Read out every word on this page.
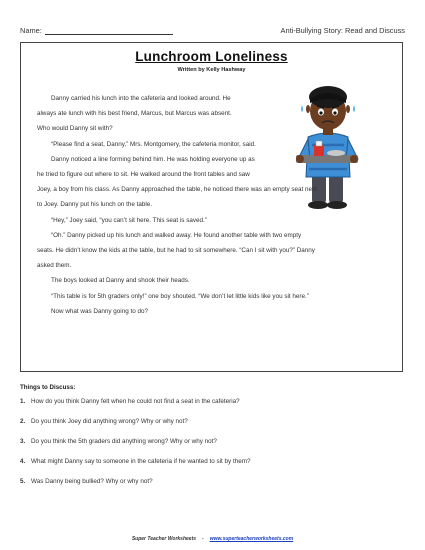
Name:	Anti-Bullying Story: Read and Discuss
Lunchroom Loneliness
Written by Kelly Hashway

Danny carried his lunch into the cafeteria and looked around. He

always ate lunch with his best friend, Marcus, but Marcus was absent.

Who would Danny sit with?

“Please find a seat, Danny,” Mrs. Montgomery, the cafeteria monitor, said.

Danny noticed a line forming behind him. He was holding everyone up as

he tried to figure out where to sit. He walked around the front tables and saw

Joey, a boy from his class. As Danny approached the table, he noticed there was an empty seat next

to Joey. Danny put his lunch on the table.

“Hey,” Joey said, “you can’t sit here. This seat is saved.”

“Oh.” Danny picked up his lunch and walked away. He found another table with two empty

seats. He didn’t know the kids at the table, but he had to sit somewhere. “Can I sit with you?” Danny

asked them.

The boys looked at Danny and shook their heads.

“This table is for 5th graders only!” one boy shouted. “We don’t let little kids like you sit here.”

Now what was Danny going to do?

Things to Discuss:
1. How do you think Danny felt when he could not find a seat in the cafeteria?
2. Do you think Joey did anything wrong? Why or why not?
3. Do you think the 5th graders did anything wrong? Why or why not?
4. What might Danny say to someone in the cafeteria if he wanted to sit by them?
5. Was Danny being bullied? Why or why not?
Super Teacher Worksheets - www.superteacherworksheets.com
